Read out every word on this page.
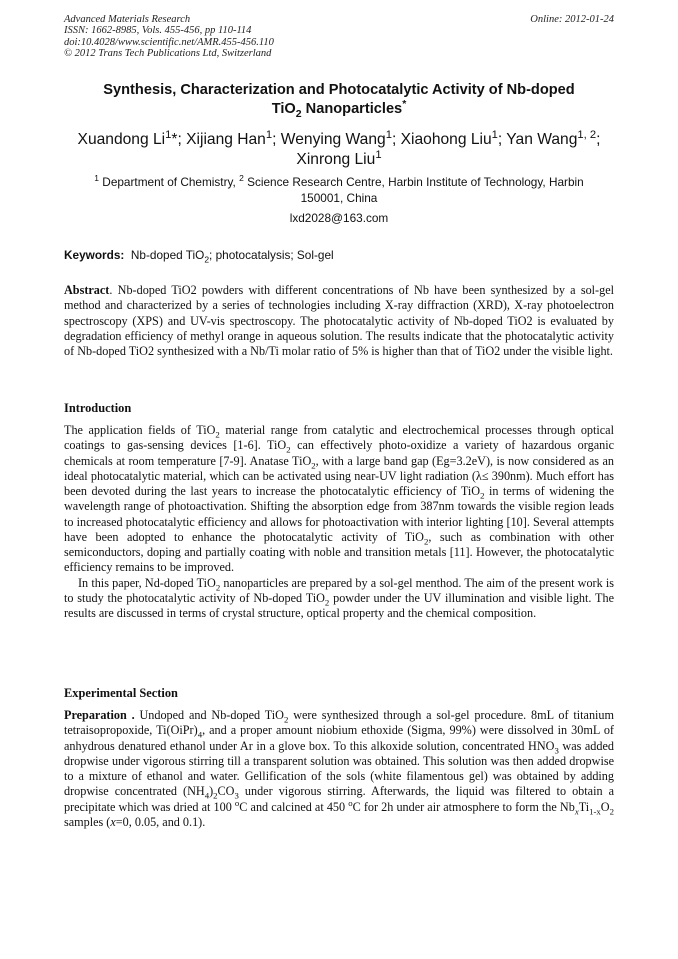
Advanced Materials Research
ISSN: 1662-8985, Vols. 455-456, pp 110-114
doi:10.4028/www.scientific.net/AMR.455-456.110
© 2012 Trans Tech Publications Ltd, Switzerland
Online: 2012-01-24
Synthesis, Characterization and Photocatalytic Activity of Nb-doped
TiO$_2$ Nanoparticles*
Xuandong Li$^1$*; Xijiang Han$^1$; Wenying Wang$^1$; Xiaohong Liu$^1$; Yan Wang$^{1, 2}$;
Xinrong Liu$^1$
$^1$ Department of Chemistry, $^2$ Science Research Centre, Harbin Institute of Technology, Harbin
150001, China
lxd2028@163.com
Keywords: Nb-doped TiO$_2$; photocatalysis; Sol-gel

Abstract. Nb-doped TiO2 powders with different concentrations of Nb have been synthesized by a sol-gel method and characterized by a series of technologies including X-ray diffraction (XRD), X-ray photoelectron spectroscopy (XPS) and UV-vis spectroscopy. The photocatalytic activity of Nb-doped TiO2 is evaluated by degradation efficiency of methyl orange in aqueous solution. The results indicate that the photocatalytic activity of Nb-doped TiO2 synthesized with a Nb/Ti molar ratio of 5% is higher than that of TiO2 under the visible light.

Introduction

The application fields of TiO$_2$ material range from catalytic and electrochemical processes through optical coatings to gas-sensing devices [1-6]. TiO$_2$ can effectively photo-oxidize a variety of hazardous organic chemicals at room temperature [7-9]. Anatase TiO$_2$, with a large band gap (Eg=3.2eV), is now considered as an ideal photocatalytic material, which can be activated using near-UV light radiation (λ≤ 390nm). Much effort has been devoted during the last years to increase the photocatalytic efficiency of TiO$_2$ in terms of widening the wavelength range of photoactivation. Shifting the absorption edge from 387nm towards the visible region leads to increased photocatalytic efficiency and allows for photoactivation with interior lighting [10]. Several attempts have been adopted to enhance the photocatalytic activity of TiO$_2$, such as combination with other semiconductors, doping and partially coating with noble and transition metals [11]. However, the photocatalytic efficiency remains to be improved.

In this paper, Nd-doped TiO$_2$ nanoparticles are prepared by a sol-gel menthod. The aim of the present work is to study the photocatalytic activity of Nb-doped TiO$_2$ powder under the UV illumination and visible light. The results are discussed in terms of crystal structure, optical property and the chemical composition.

Experimental Section

Preparation . Undoped and Nb-doped TiO$_2$ were synthesized through a sol-gel procedure. 8mL of titanium tetraisopropoxide, $Ti(OiPr)_4$, and a proper amount niobium ethoxide (Sigma, 99%) were dissolved in 30mL of anhydrous denatured ethanol under Ar in a glove box. To this alkoxide solution, concentrated $HNO_3$ was added dropwise under vigorous stirring till a transparent solution was obtained. This solution was then added dropwise to a mixture of ethanol and water. Gellification of the sols (white filamentous gel) was obtained by adding dropwise concentrated $(NH_4)_2CO_3$ under vigorous stirring. Afterwards, the liquid was filtered to obtain a precipitate which was dried at 100 $^o$C and calcined at 450 $^o$C for 2h under air atmosphere to form the $Nb_xTi_{1-x}O_2$ samples (x=0, 0.05, and 0.1).
